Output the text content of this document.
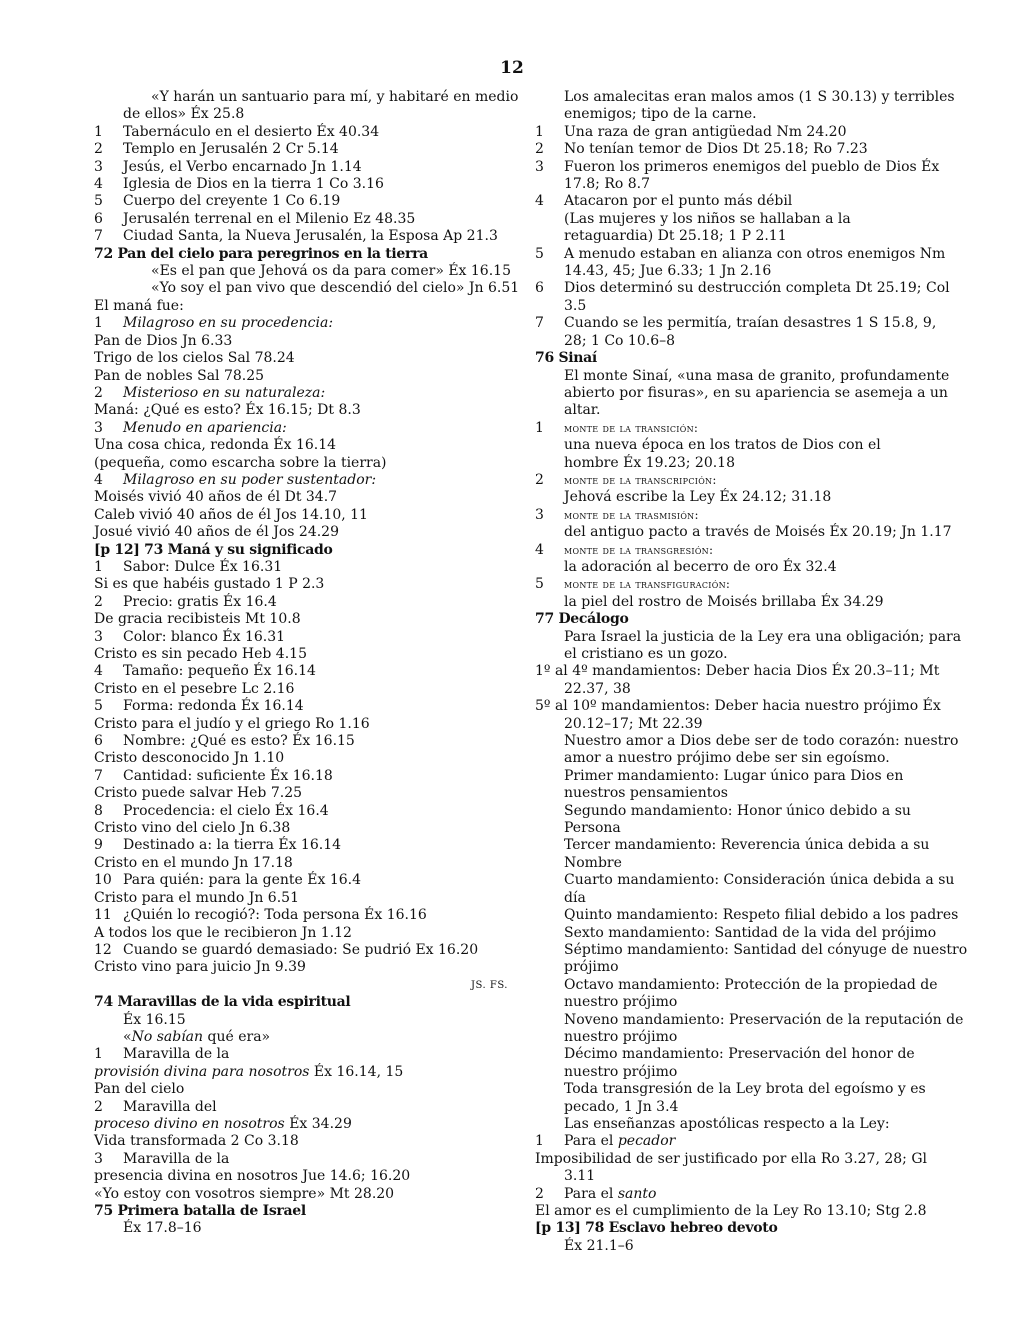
12
«Y harán un santuario para mí, y habitaré en medio
de ellos» Éx 25.8
1 Tabernáculo en el desierto Éx 40.34
2 Templo en Jerusalén 2 Cr 5.14
3 Jesús, el Verbo encarnado Jn 1.14
4 Iglesia de Dios en la tierra 1 Co 3.16
5 Cuerpo del creyente 1 Co 6.19
6 Jerusalén terrenal en el Milenio Ez 48.35
7 Ciudad Santa, la Nueva Jerusalén, la Esposa Ap 21.3
72 Pan del cielo para peregrinos en la tierra
«Es el pan que Jehová os da para comer» Éx 16.15
«Yo soy el pan vivo que descendió del cielo» Jn 6.51
El maná fue:
1 Milagroso en su procedencia:
Pan de Dios Jn 6.33
Trigo de los cielos Sal 78.24
Pan de nobles Sal 78.25
2 Misterioso en su naturaleza:
Maná: ¿Qué es esto? Éx 16.15; Dt 8.3
3 Menudo en apariencia:
Una cosa chica, redonda Éx 16.14
(pequeña, como escarcha sobre la tierra)
4 Milagroso en su poder sustentador:
Moisés vivió 40 años de él Dt 34.7
Caleb vivió 40 años de él Jos 14.10, 11
Josué vivió 40 años de él Jos 24.29
[p 12] 73 Maná y su significado
1 Sabor: Dulce Éx 16.31
Si es que habéis gustado 1 P 2.3
2 Precio: gratis Éx 16.4
De gracia recibisteis Mt 10.8
3 Color: blanco Éx 16.31
Cristo es sin pecado Heb 4.15
4 Tamaño: pequeño Éx 16.14
Cristo en el pesebre Lc 2.16
5 Forma: redonda Éx 16.14
Cristo para el judío y el griego Ro 1.16
6 Nombre: ¿Qué es esto? Éx 16.15
Cristo desconocido Jn 1.10
7 Cantidad: suficiente Éx 16.18
Cristo puede salvar Heb 7.25
8 Procedencia: el cielo Éx 16.4
Cristo vino del cielo Jn 6.38
9 Destinado a: la tierra Éx 16.14
Cristo en el mundo Jn 17.18
10 Para quién: para la gente Éx 16.4
Cristo para el mundo Jn 6.51
11 ¿Quién lo recogió?: Toda persona Éx 16.16
A todos los que le recibieron Jn 1.12
12 Cuando se guardó demasiado: Se pudrió Ex 16.20
Cristo vino para juicio Jn 9.39
JS. FS.
74 Maravillas de la vida espiritual
Éx 16.15
«No sabían qué era»
1 Maravilla de la
provisión divina para nosotros Éx 16.14, 15
Pan del cielo
2 Maravilla del
proceso divino en nosotros Éx 34.29
Vida transformada 2 Co 3.18
3 Maravilla de la
presencia divina en nosotros Jue 14.6; 16.20
«Yo estoy con vosotros siempre» Mt 28.20
75 Primera batalla de Israel
Éx 17.8–16
Los amalecitas eran malos amos (1 S 30.13) y terribles
enemigos; tipo de la carne.
1 Una raza de gran antigüedad Nm 24.20
2 No tenían temor de Dios Dt 25.18; Ro 7.23
3 Fueron los primeros enemigos del pueblo de Dios Éx
17.8; Ro 8.7
4 Atacaron por el punto más débil
(Las mujeres y los niños se hallaban a la
retaguardia) Dt 25.18; 1 P 2.11
5 A menudo estaban en alianza con otros enemigos Nm
14.43, 45; Jue 6.33; 1 Jn 2.16
6 Dios determinó su destrucción completa Dt 25.19; Col
3.5
7 Cuando se les permitía, traían desastres 1 S 15.8, 9,
28; 1 Co 10.6–8
76 Sinaí
El monte Sinaí, «una masa de granito, profundamente
abierto por fisuras», en su apariencia se asemeja a un
altar.
1 monte de la transición:
una nueva época en los tratos de Dios con el
hombre Éx 19.23; 20.18
2 monte de la transcripción:
Jehová escribe la Ley Éx 24.12; 31.18
3 monte de la trasmisión:
del antiguo pacto a través de Moisés Éx 20.19; Jn 1.17
4 monte de la transgresión:
la adoración al becerro de oro Éx 32.4
5 monte de la transfiguración:
la piel del rostro de Moisés brillaba Éx 34.29
77 Decálogo
Para Israel la justicia de la Ley era una obligación; para
el cristiano es un gozo.
1º al 4º mandamientos: Deber hacia Dios Éx 20.3–11; Mt
22.37, 38
5º al 10º mandamientos: Deber hacia nuestro prójimo Éx
20.12–17; Mt 22.39
Nuestro amor a Dios debe ser de todo corazón: nuestro
amor a nuestro prójimo debe ser sin egoísmo.
Primer mandamiento: Lugar único para Dios en
nuestros pensamientos
Segundo mandamiento: Honor único debido a su
Persona
Tercer mandamiento: Reverencia única debida a su
Nombre
Cuarto mandamiento: Consideración única debida a su
día
Quinto mandamiento: Respeto filial debido a los padres
Sexto mandamiento: Santidad de la vida del prójimo
Séptimo mandamiento: Santidad del cónyuge de nuestro
prójimo
Octavo mandamiento: Protección de la propiedad de
nuestro prójimo
Noveno mandamiento: Preservación de la reputación de
nuestro prójimo
Décimo mandamiento: Preservación del honor de
nuestro prójimo
Toda transgresión de la Ley brota del egoísmo y es
pecado, 1 Jn 3.4
Las enseñanzas apostólicas respecto a la Ley:
1 Para el pecador
Imposibilidad de ser justificado por ella Ro 3.27, 28; Gl
3.11
2 Para el santo
El amor es el cumplimiento de la Ley Ro 13.10; Stg 2.8
[p 13] 78 Esclavo hebreo devoto
Éx 21.1–6
